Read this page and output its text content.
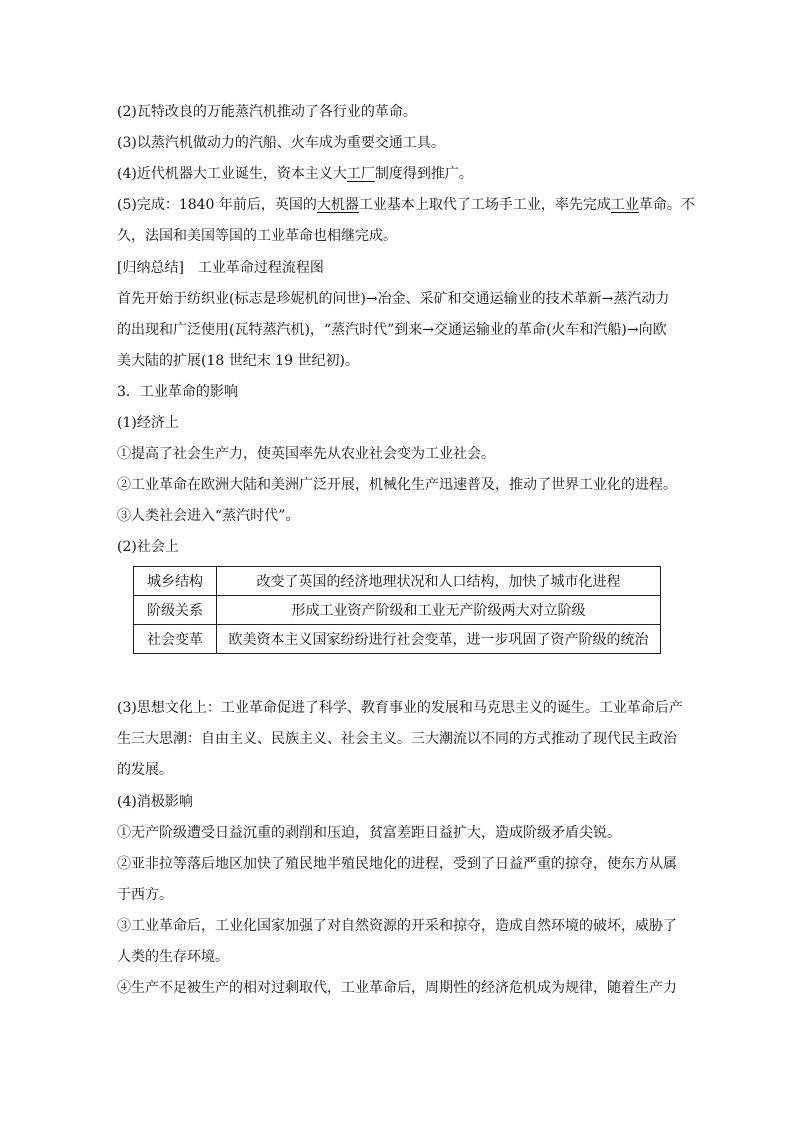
(2)瓦特改良的万能蒸汽机推动了各行业的革命。
(3)以蒸汽机做动力的汽船、火车成为重要交通工具。
(4)近代机器大工业诞生，资本主义大工厂制度得到推广。
(5)完成：1840 年前后，英国的大机器工业基本上取代了工场手工业，率先完成工业革命。不
久，法国和美国等国的工业革命也相继完成。
[归纳总结]　工业革命过程流程图
首先开始于纺织业(标志是珍妮机的问世)→冶金、采矿和交通运输业的技术革新→蒸汽动力
的出现和广泛使用(瓦特蒸汽机)，“蒸汽时代”到来→交通运输业的革命(火车和汽船)→向欧
美大陆的扩展(18 世纪末 19 世纪初)。
3．工业革命的影响
(1)经济上
①提高了社会生产力，使英国率先从农业社会变为工业社会。
②工业革命在欧洲大陆和美洲广泛开展，机械化生产迅速普及，推动了世界工业化的进程。
③人类社会进入“蒸汽时代”。
(2)社会上
城乡结构	改变了英国的经济地理状况和人口结构，加快了城市化进程
阶级关系	形成工业资产阶级和工业无产阶级两大对立阶级
社会变革	欧美资本主义国家纷纷进行社会变革，进一步巩固了资产阶级的统治
(3)思想文化上：工业革命促进了科学、教育事业的发展和马克思主义的诞生。工业革命后产
生三大思潮：自由主义、民族主义、社会主义。三大潮流以不同的方式推动了现代民主政治
的发展。
(4)消极影响
①无产阶级遭受日益沉重的剥削和压迫，贫富差距日益扩大，造成阶级矛盾尖锐。
②亚非拉等落后地区加快了殖民地半殖民地化的进程，受到了日益严重的掠夺，使东方从属
于西方。
③工业革命后，工业化国家加强了对自然资源的开采和掠夺，造成自然环境的破坏，威胁了
人类的生存环境。
④生产不足被生产的相对过剩取代，工业革命后，周期性的经济危机成为规律，随着生产力
